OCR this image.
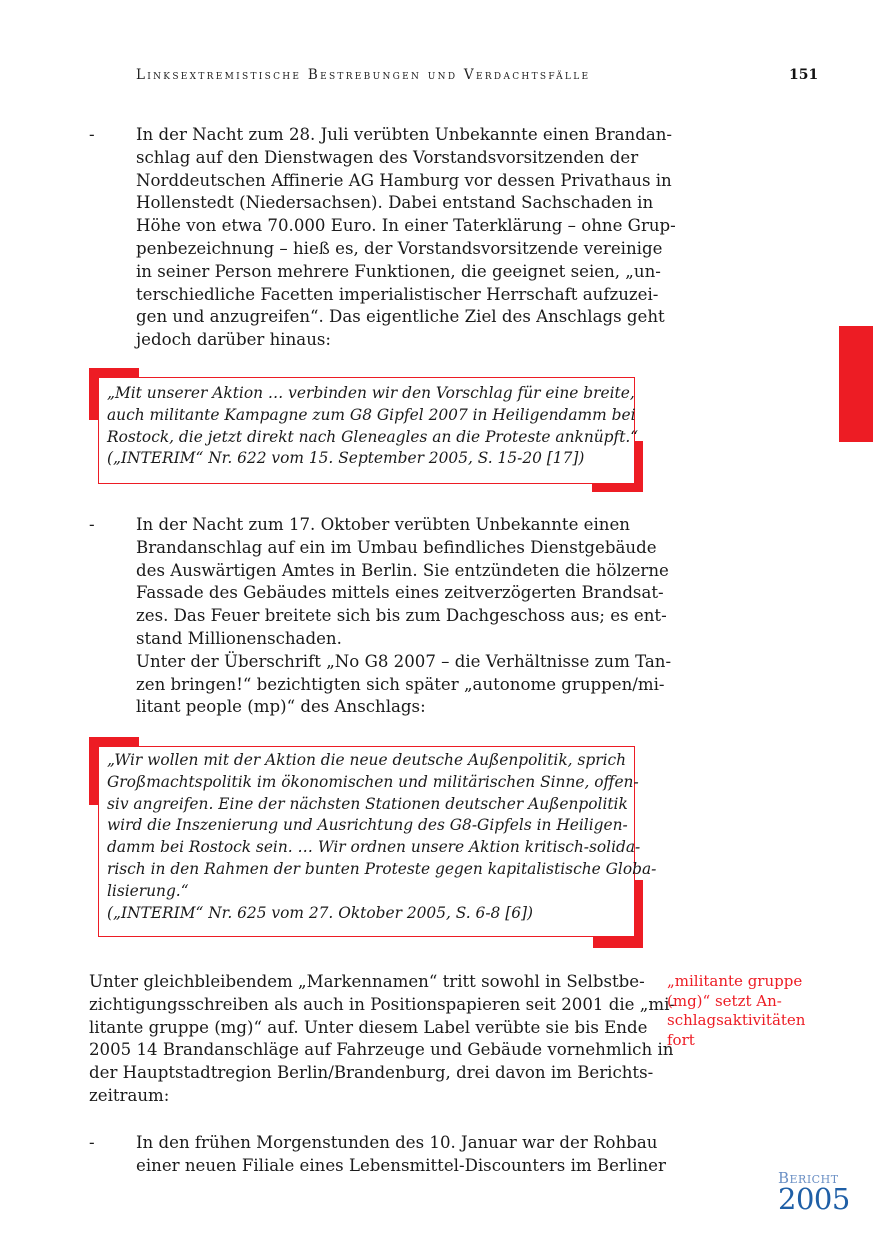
Linksextremistische Bestrebungen und Verdachtsfälle	151
- In der Nacht zum 28. Juli verübten Unbekannte einen Brandan-
schlag auf den Dienstwagen des Vorstandsvorsitzenden der
Norddeutschen Affinerie AG Hamburg vor dessen Privathaus in
Hollenstedt (Niedersachsen). Dabei entstand Sachschaden in
Höhe von etwa 70.000 Euro. In einer Taterklärung – ohne Grup-
penbezeichnung – hieß es, der Vorstandsvorsitzende vereinige
in seiner Person mehrere Funktionen, die geeignet seien, „un-
terschiedliche Facetten imperialistischer Herrschaft aufzuzei-
gen und anzugreifen“. Das eigentliche Ziel des Anschlags geht
jedoch darüber hinaus:
„Mit unserer Aktion … verbinden wir den Vorschlag für eine breite,
auch militante Kampagne zum G8 Gipfel 2007 in Heiligendamm bei
Rostock, die jetzt direkt nach Gleneagles an die Proteste anknüpft.“
(„INTERIM“ Nr. 622 vom 15. September 2005, S. 15-20 [17])
- In der Nacht zum 17. Oktober verübten Unbekannte einen
Brandanschlag auf ein im Umbau befindliches Dienstgebäude
des Auswärtigen Amtes in Berlin. Sie entzündeten die hölzerne
Fassade des Gebäudes mittels eines zeitverzögerten Brandsat-
zes. Das Feuer breitete sich bis zum Dachgeschoss aus; es ent-
stand Millionenschaden.
Unter der Überschrift „No G8 2007 – die Verhältnisse zum Tan-
zen bringen!“ bezichtigten sich später „autonome gruppen/mi-
litant people (mp)“ des Anschlags:
„Wir wollen mit der Aktion die neue deutsche Außenpolitik, sprich
Großmachtspolitik im ökonomischen und militärischen Sinne, offen-
siv angreifen. Eine der nächsten Stationen deutscher Außenpolitik
wird die Inszenierung und Ausrichtung des G8-Gipfels in Heiligen-
damm bei Rostock sein. … Wir ordnen unsere Aktion kritisch-solida-
risch in den Rahmen der bunten Proteste gegen kapitalistische Globa-
lisierung.“
(„INTERIM“ Nr. 625 vom 27. Oktober 2005, S. 6-8 [6])
Unter gleichbleibendem „Markennamen“ tritt sowohl in Selbstbe-
zichtigungsschreiben als auch in Positionspapieren seit 2001 die „mi-
litante gruppe (mg)“ auf. Unter diesem Label verübte sie bis Ende
2005 14 Brandanschläge auf Fahrzeuge und Gebäude vornehmlich in
der Hauptstadtregion Berlin/Brandenburg, drei davon im Berichts-
zeitraum:
„militante gruppe
(mg)“ setzt An-
schlagsaktivitäten
fort
- In den frühen Morgenstunden des 10. Januar war der Rohbau
einer neuen Filiale eines Lebensmittel-Discounters im Berliner
Bericht
2005
